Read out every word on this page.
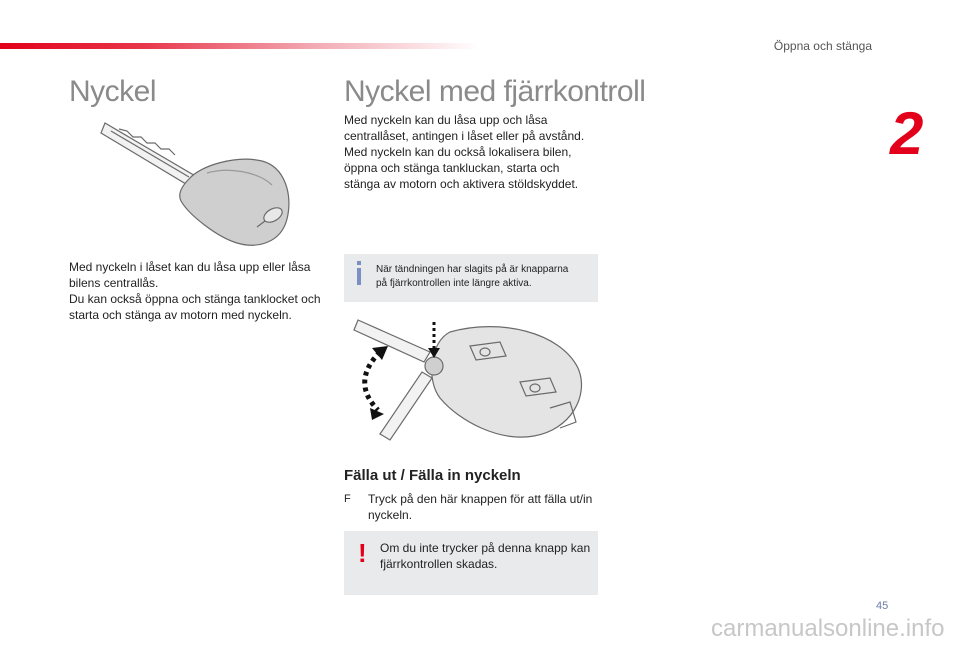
Öppna och stänga
2
Nyckel

Med nyckeln i låset kan du låsa upp eller låsa
bilens centrallås.
Du kan också öppna och stänga tanklocket och
starta och stänga av motorn med nyckeln.

Nyckel med fjärrkontroll

Med nyckeln kan du låsa upp och låsa
centrallåset, antingen i låset eller på avstånd.
Med nyckeln kan du också lokalisera bilen,
öppna och stänga tankluckan, starta och
stänga av motorn och aktivera stöldskyddet.

När tändningen har slagits på är knapparna
på fjärrkontrollen inte längre aktiva.
Fälla ut / Fälla in nyckeln
F Tryck på den här knappen för att fälla ut/in
nyckeln.
! Om du inte trycker på denna knapp kan
fjärrkontrollen skadas.
45
carmanualsonline.info
